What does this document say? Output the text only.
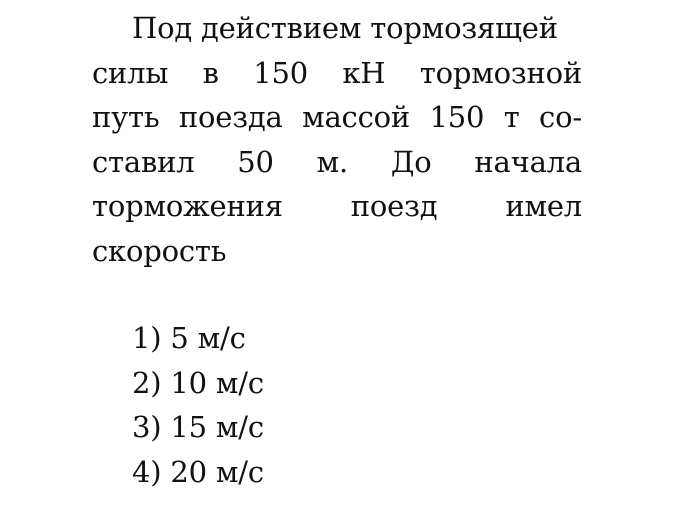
Под действием тормозящей
силы в 150 кН тормозной
путь поезда массой 150 т со-
ставил 50 м. До начала
торможения поезд имел
скорость
1) 5 м/с
2) 10 м/с
3) 15 м/с
4) 20 м/с
